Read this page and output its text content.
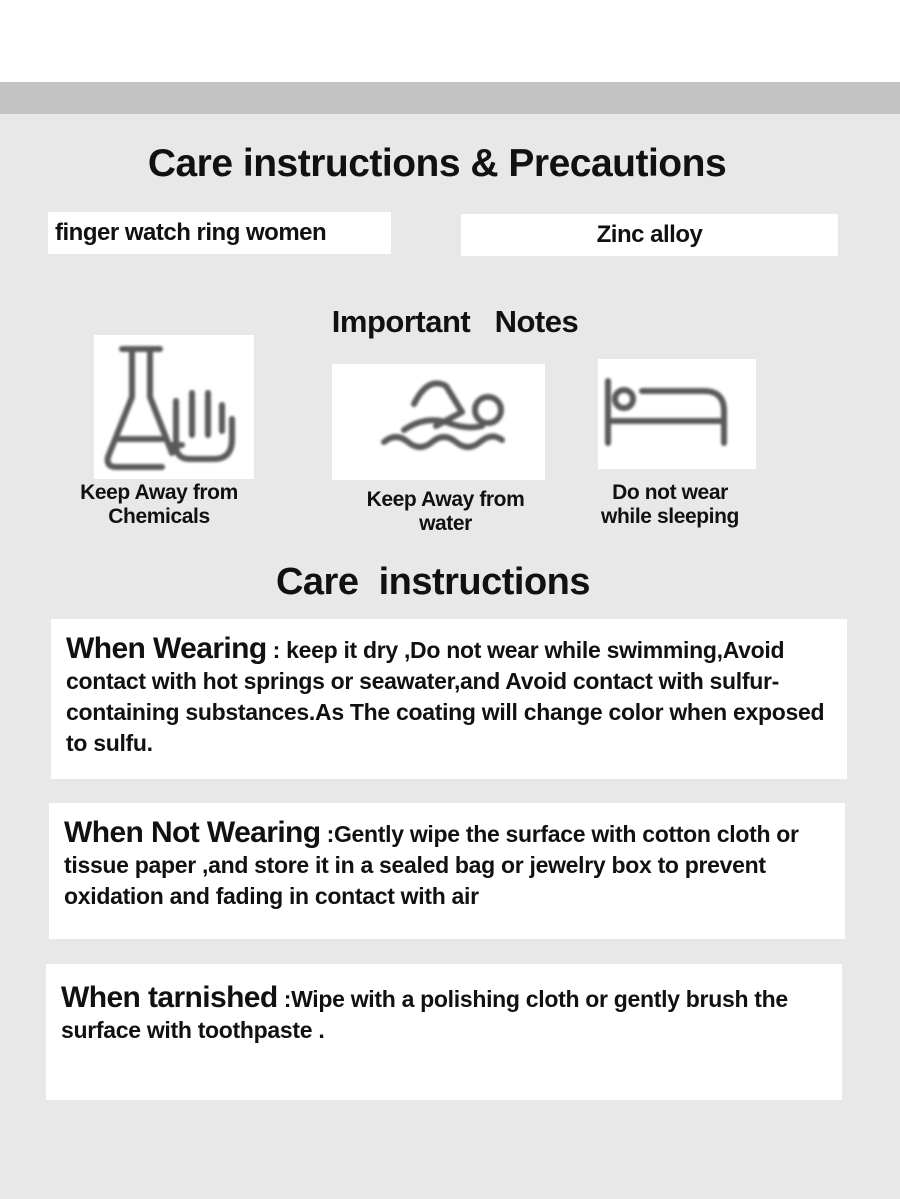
Care instructions & Precautions
finger watch ring women	Zinc alloy
Important   Notes
Keep Away from
Chemicals
Keep Away from
water
Do not wear
while sleeping
Care  instructions
When Wearing : keep it dry ,Do not wear while swimming,Avoid contact with hot springs or seawater,and Avoid contact with sulfur-containing substances.As The coating will change color when exposed to sulfu.
When Not Wearing :Gently wipe the surface with cotton cloth or tissue paper ,and store it in a sealed bag or jewelry box to prevent oxidation and fading in contact with air
When tarnished :Wipe with a polishing cloth or gently brush the surface with toothpaste .
